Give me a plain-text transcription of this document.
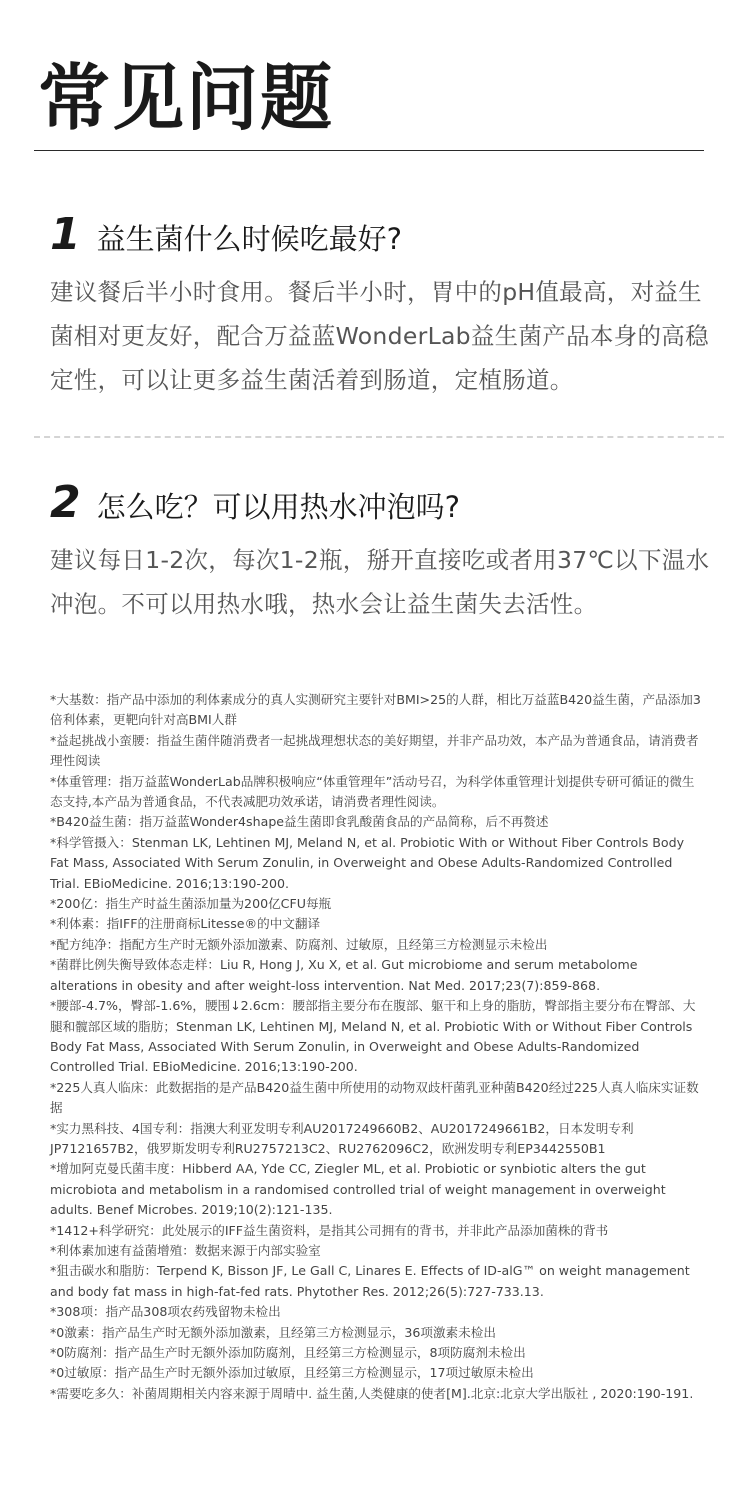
常见问题
1 益生菌什么时候吃最好?
建议餐后半小时食用。餐后半小时，胃中的pH值最高，对益生菌相对更友好，配合万益蓝WonderLab益生菌产品本身的高稳定性，可以让更多益生菌活着到肠道，定植肠道。
2 怎么吃？可以用热水冲泡吗?
建议每日1-2次，每次1-2瓶，掰开直接吃或者用37℃以下温水冲泡。不可以用热水哦，热水会让益生菌失去活性。

*大基数：指产品中添加的利体素成分的真人实测研究主要针对BMI>25的人群，相比万益蓝B420益生菌，产品添加3倍利体素，更靶向针对高BMI人群

*益起挑战小蛮腰：指益生菌伴随消费者一起挑战理想状态的美好期望，并非产品功效，本产品为普通食品，请消费者理性阅读

*体重管理：指万益蓝WonderLab品牌积极响应“体重管理年”活动号召，为科学体重管理计划提供专研可循证的微生态支持,本产品为普通食品，不代表减肥功效承诺，请消费者理性阅读。

*B420益生菌：指万益蓝Wonder4shape益生菌即食乳酸菌食品的产品简称，后不再赘述

*科学管摄入：Stenman LK, Lehtinen MJ, Meland N, et al. Probiotic With or Without Fiber Controls Body Fat Mass, Associated With Serum Zonulin, in Overweight and Obese Adults-Randomized Controlled Trial. EBioMedicine. 2016;13:190-200.

*200亿：指生产时益生菌添加量为200亿CFU每瓶

*利体素：指IFF的注册商标Litesse®的中文翻译

*配方纯净：指配方生产时无额外添加激素、防腐剂、过敏原，且经第三方检测显示未检出

*菌群比例失衡导致体态走样：Liu R, Hong J, Xu X, et al. Gut microbiome and serum metabolome alterations in obesity and after weight-loss intervention. Nat Med. 2017;23(7):859-868.

*腰部-4.7%，臀部-1.6%，腰围↓2.6cm：腰部指主要分布在腹部、躯干和上身的脂肪，臀部指主要分布在臀部、大腿和髋部区域的脂肪；Stenman LK, Lehtinen MJ, Meland N, et al. Probiotic With or Without Fiber Controls Body Fat Mass, Associated With Serum Zonulin, in Overweight and Obese Adults-Randomized Controlled Trial. EBioMedicine. 2016;13:190-200.

*225人真人临床：此数据指的是产品B420益生菌中所使用的动物双歧杆菌乳亚种菌B420经过225人真人临床实证数据

*实力黑科技、4国专利：指澳大利亚发明专利AU2017249660B2、AU2017249661B2，日本发明专利JP7121657B2，俄罗斯发明专利RU2757213C2、RU2762096C2，欧洲发明专利EP3442550B1

*增加阿克曼氏菌丰度：Hibberd AA, Yde CC, Ziegler ML, et al. Probiotic or synbiotic alters the gut microbiota and metabolism in a randomised controlled trial of weight management in overweight adults. Benef Microbes. 2019;10(2):121-135.

*1412+科学研究：此处展示的IFF益生菌资料，是指其公司拥有的背书，并非此产品添加菌株的背书

*利体素加速有益菌增殖：数据来源于内部实验室

*狙击碳水和脂肪：Terpend K, Bisson JF, Le Gall C, Linares E. Effects of ID-alG™ on weight management and body fat mass in high-fat-fed rats. Phytother Res. 2012;26(5):727-733.13.

*308项：指产品308项农药残留物未检出

*0激素：指产品生产时无额外添加激素，且经第三方检测显示，36项激素未检出

*0防腐剂：指产品生产时无额外添加防腐剂，且经第三方检测显示，8项防腐剂未检出

*0过敏原：指产品生产时无额外添加过敏原，且经第三方检测显示，17项过敏原未检出

*需要吃多久：补菌周期相关内容来源于周晴中. 益生菌,人类健康的使者[M].北京:北京大学出版社 , 2020:190-191.
